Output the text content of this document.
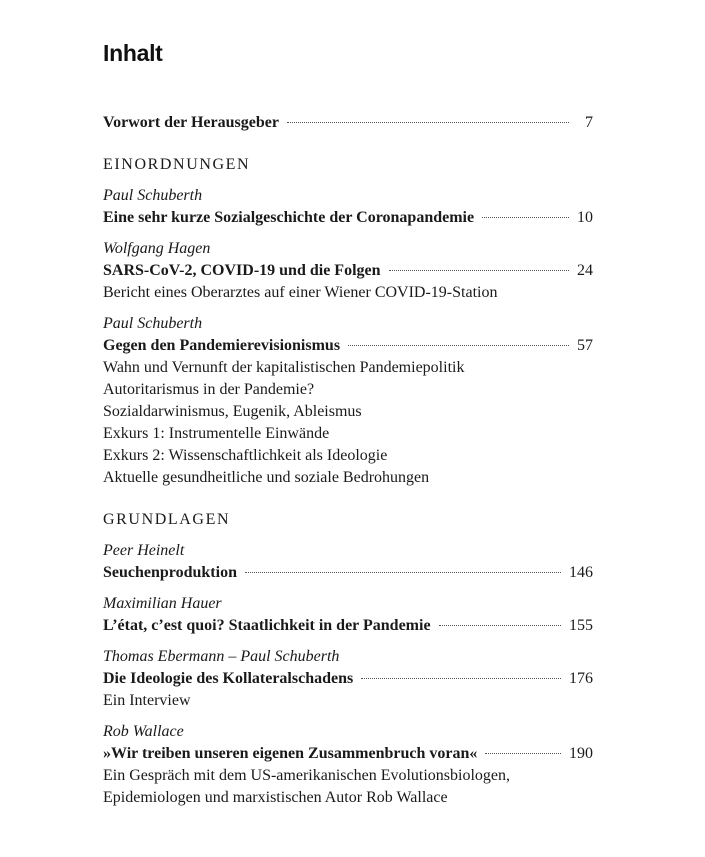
Inhalt
Vorwort der Herausgeber	7
EINORDNUNGEN
Paul Schuberth
Eine sehr kurze Sozialgeschichte der Coronapandemie	10
Wolfgang Hagen
SARS-CoV-2, COVID-19 und die Folgen	24
Bericht eines Oberarztes auf einer Wiener COVID-19-Station
Paul Schuberth
Gegen den Pandemierevisionismus	57
Wahn und Vernunft der kapitalistischen Pandemiepolitik
Autoritarismus in der Pandemie?
Sozialdarwinismus, Eugenik, Ableismus
Exkurs 1: Instrumentelle Einwände
Exkurs 2: Wissenschaftlichkeit als Ideologie
Aktuelle gesundheitliche und soziale Bedrohungen
GRUNDLAGEN
Peer Heinelt
Seuchenproduktion	146
Maximilian Hauer
L’état, c’est quoi? Staatlichkeit in der Pandemie	155
Thomas Ebermann – Paul Schuberth
Die Ideologie des Kollateralschadens	176
Ein Interview
Rob Wallace
»Wir treiben unseren eigenen Zusammenbruch voran«	190
Ein Gespräch mit dem US-amerikanischen Evolutionsbiologen,
Epidemiologen und marxistischen Autor Rob Wallace
